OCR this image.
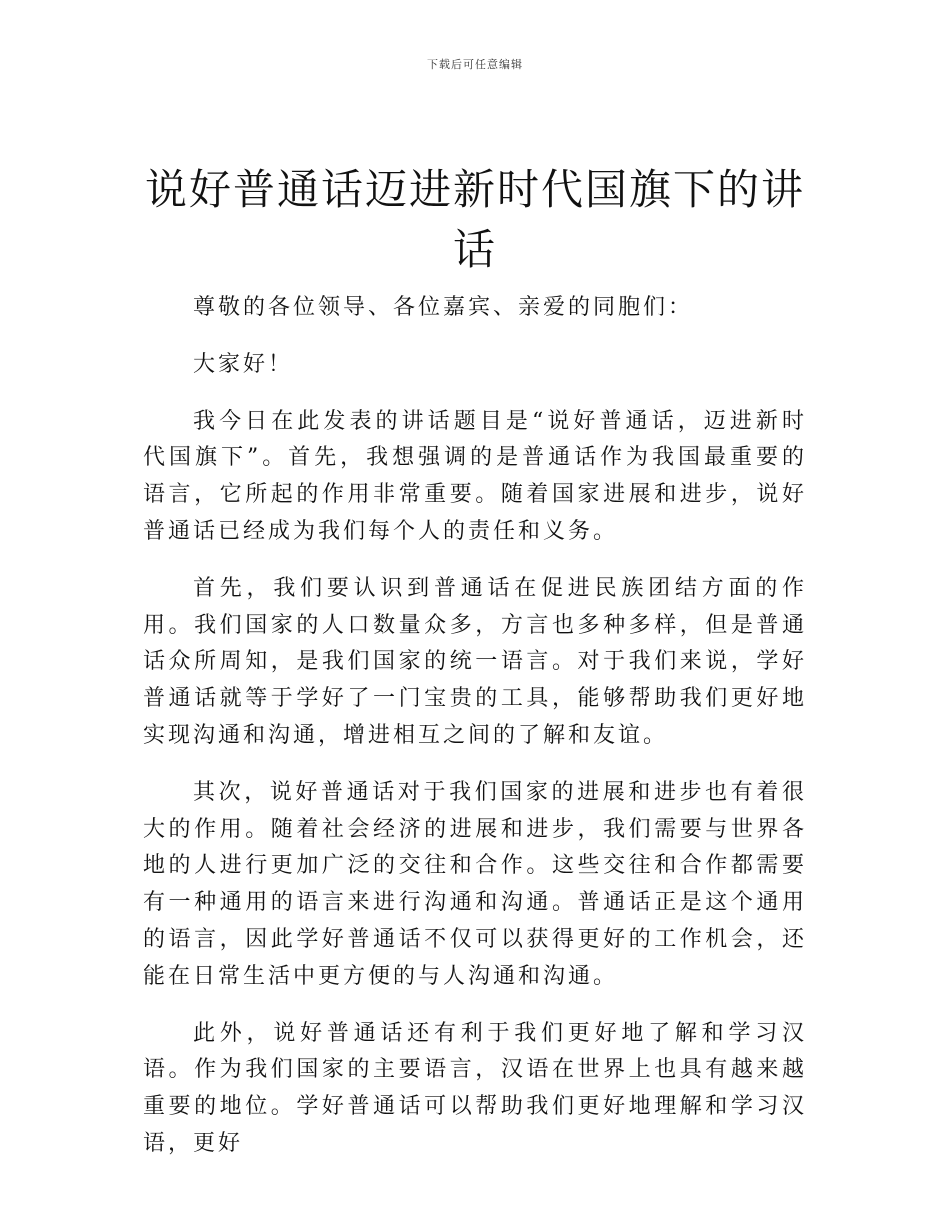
下载后可任意编辑
说好普通话迈进新时代国旗下的讲话

尊敬的各位领导、各位嘉宾、亲爱的同胞们：

大家好！

我今日在此发表的讲话题目是“说好普通话，迈进新时代国旗下”。首先，我想强调的是普通话作为我国最重要的语言，它所起的作用非常重要。随着国家进展和进步，说好普通话已经成为我们每个人的责任和义务。

首先，我们要认识到普通话在促进民族团结方面的作用。我们国家的人口数量众多，方言也多种多样，但是普通话众所周知，是我们国家的统一语言。对于我们来说，学好普通话就等于学好了一门宝贵的工具，能够帮助我们更好地实现沟通和沟通，增进相互之间的了解和友谊。

其次，说好普通话对于我们国家的进展和进步也有着很大的作用。随着社会经济的进展和进步，我们需要与世界各地的人进行更加广泛的交往和合作。这些交往和合作都需要有一种通用的语言来进行沟通和沟通。普通话正是这个通用的语言，因此学好普通话不仅可以获得更好的工作机会，还能在日常生活中更方便的与人沟通和沟通。

此外，说好普通话还有利于我们更好地了解和学习汉语。作为我们国家的主要语言，汉语在世界上也具有越来越重要的地位。学好普通话可以帮助我们更好地理解和学习汉语，更好
